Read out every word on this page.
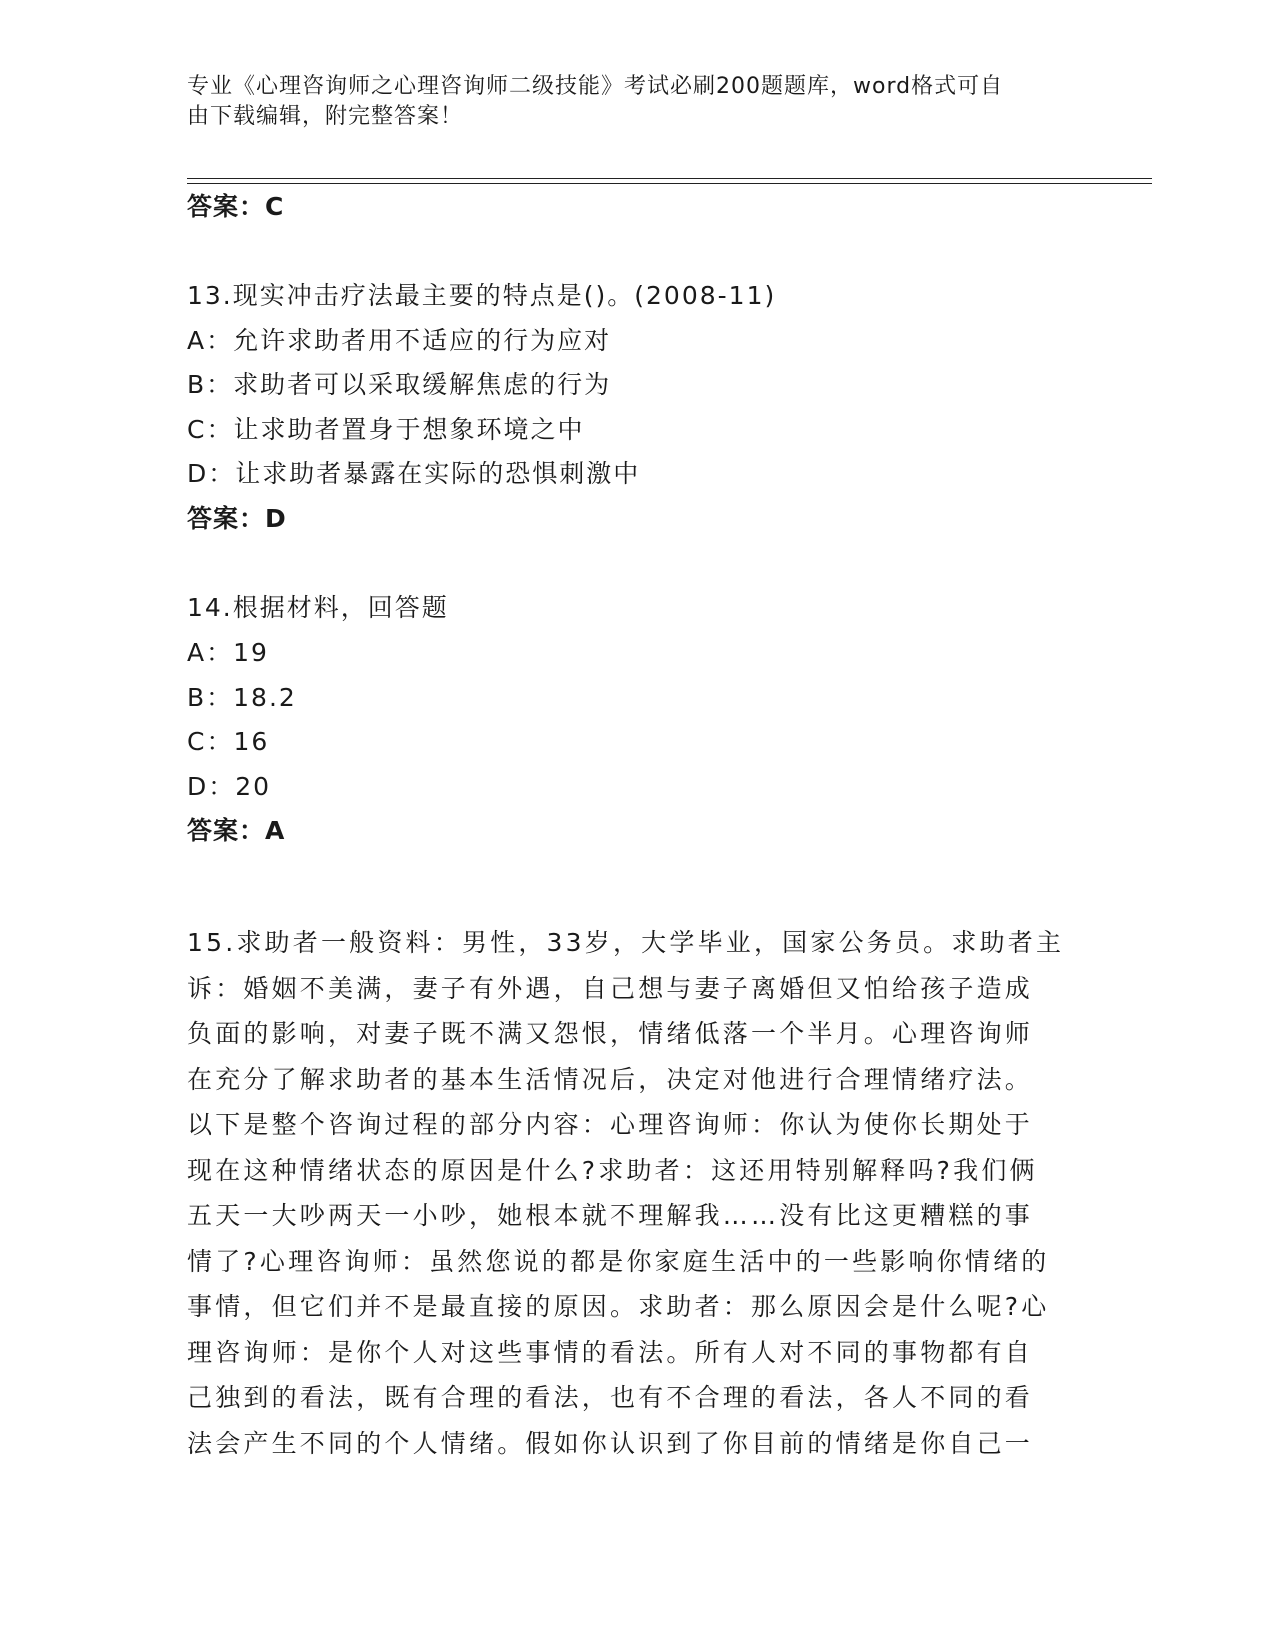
专业《心理咨询师之心理咨询师二级技能》考试必刷200题题库，word格式可自
由下载编辑，附完整答案！
答案：C
13.现实冲击疗法最主要的特点是()。(2008-11)
A：允许求助者用不适应的行为应对
B：求助者可以采取缓解焦虑的行为
C：让求助者置身于想象环境之中
D：让求助者暴露在实际的恐惧刺激中
答案：D
14.根据材料，回答题
A：19
B：18.2
C：16
D：20
答案：A
15.求助者一般资料：男性，33岁，大学毕业，国家公务员。求助者主
诉：婚姻不美满，妻子有外遇，自己想与妻子离婚但又怕给孩子造成
负面的影响，对妻子既不满又怨恨，情绪低落一个半月。心理咨询师
在充分了解求助者的基本生活情况后，决定对他进行合理情绪疗法。
以下是整个咨询过程的部分内容：心理咨询师：你认为使你长期处于
现在这种情绪状态的原因是什么?求助者：这还用特别解释吗?我们俩
五天一大吵两天一小吵，她根本就不理解我……没有比这更糟糕的事
情了?心理咨询师：虽然您说的都是你家庭生活中的一些影响你情绪的
事情，但它们并不是最直接的原因。求助者：那么原因会是什么呢?心
理咨询师：是你个人对这些事情的看法。所有人对不同的事物都有自
己独到的看法，既有合理的看法，也有不合理的看法，各人不同的看
法会产生不同的个人情绪。假如你认识到了你目前的情绪是你自己一
